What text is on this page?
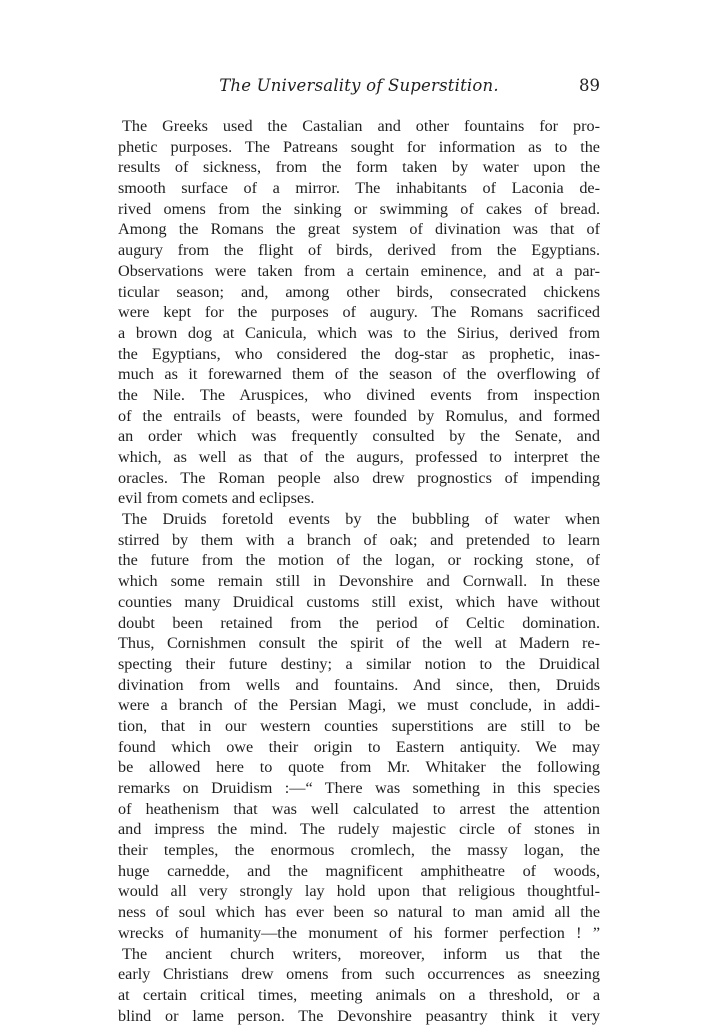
The Universality of Superstition.	89
The Greeks used the Castalian and other fountains for pro-
phetic purposes. The Patreans sought for information as to the
results of sickness, from the form taken by water upon the
smooth surface of a mirror. The inhabitants of Laconia de-
rived omens from the sinking or swimming of cakes of bread.
Among the Romans the great system of divination was that of
augury from the flight of birds, derived from the Egyptians.
Observations were taken from a certain eminence, and at a par-
ticular season; and, among other birds, consecrated chickens
were kept for the purposes of augury. The Romans sacrificed
a brown dog at Canicula, which was to the Sirius, derived from
the Egyptians, who considered the dog-star as prophetic, inas-
much as it forewarned them of the season of the overflowing of
the Nile. The Aruspices, who divined events from inspection
of the entrails of beasts, were founded by Romulus, and formed
an order which was frequently consulted by the Senate, and
which, as well as that of the augurs, professed to interpret the
oracles. The Roman people also drew prognostics of impending
evil from comets and eclipses.
The Druids foretold events by the bubbling of water when
stirred by them with a branch of oak; and pretended to learn
the future from the motion of the logan, or rocking stone, of
which some remain still in Devonshire and Cornwall. In these
counties many Druidical customs still exist, which have without
doubt been retained from the period of Celtic domination.
Thus, Cornishmen consult the spirit of the well at Madern re-
specting their future destiny; a similar notion to the Druidical
divination from wells and fountains. And since, then, Druids
were a branch of the Persian Magi, we must conclude, in addi-
tion, that in our western counties superstitions are still to be
found which owe their origin to Eastern antiquity. We may
be allowed here to quote from Mr. Whitaker the following
remarks on Druidism :—“ There was something in this species
of heathenism that was well calculated to arrest the attention
and impress the mind. The rudely majestic circle of stones in
their temples, the enormous cromlech, the massy logan, the
huge carnedde, and the magnificent amphitheatre of woods,
would all very strongly lay hold upon that religious thoughtful-
ness of soul which has ever been so natural to man amid all the
wrecks of humanity—the monument of his former perfection ! ”
The ancient church writers, moreover, inform us that the
early Christians drew omens from such occurrences as sneezing
at certain critical times, meeting animals on a threshold, or a
blind or lame person. The Devonshire peasantry think it very
